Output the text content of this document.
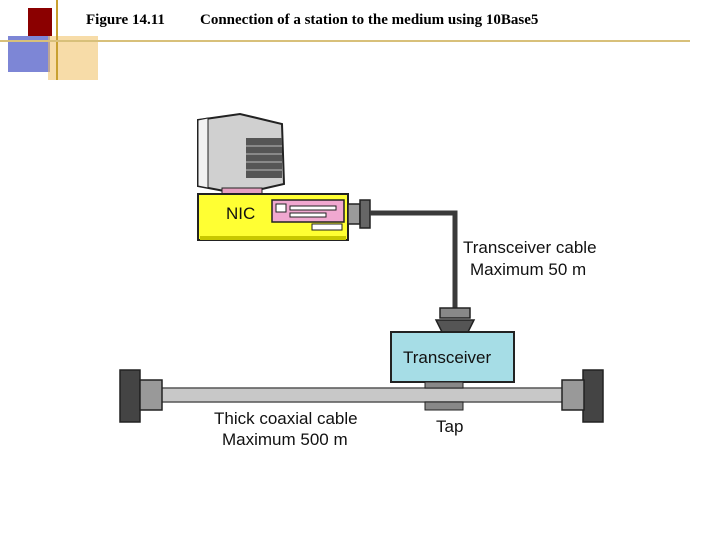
Figure 14.11 Connection of a station to the medium using 10Base5
NIC
Transceiver cable
Maximum 50 m
Transceiver
Thick coaxial cable
Maximum 500 m
Tap
